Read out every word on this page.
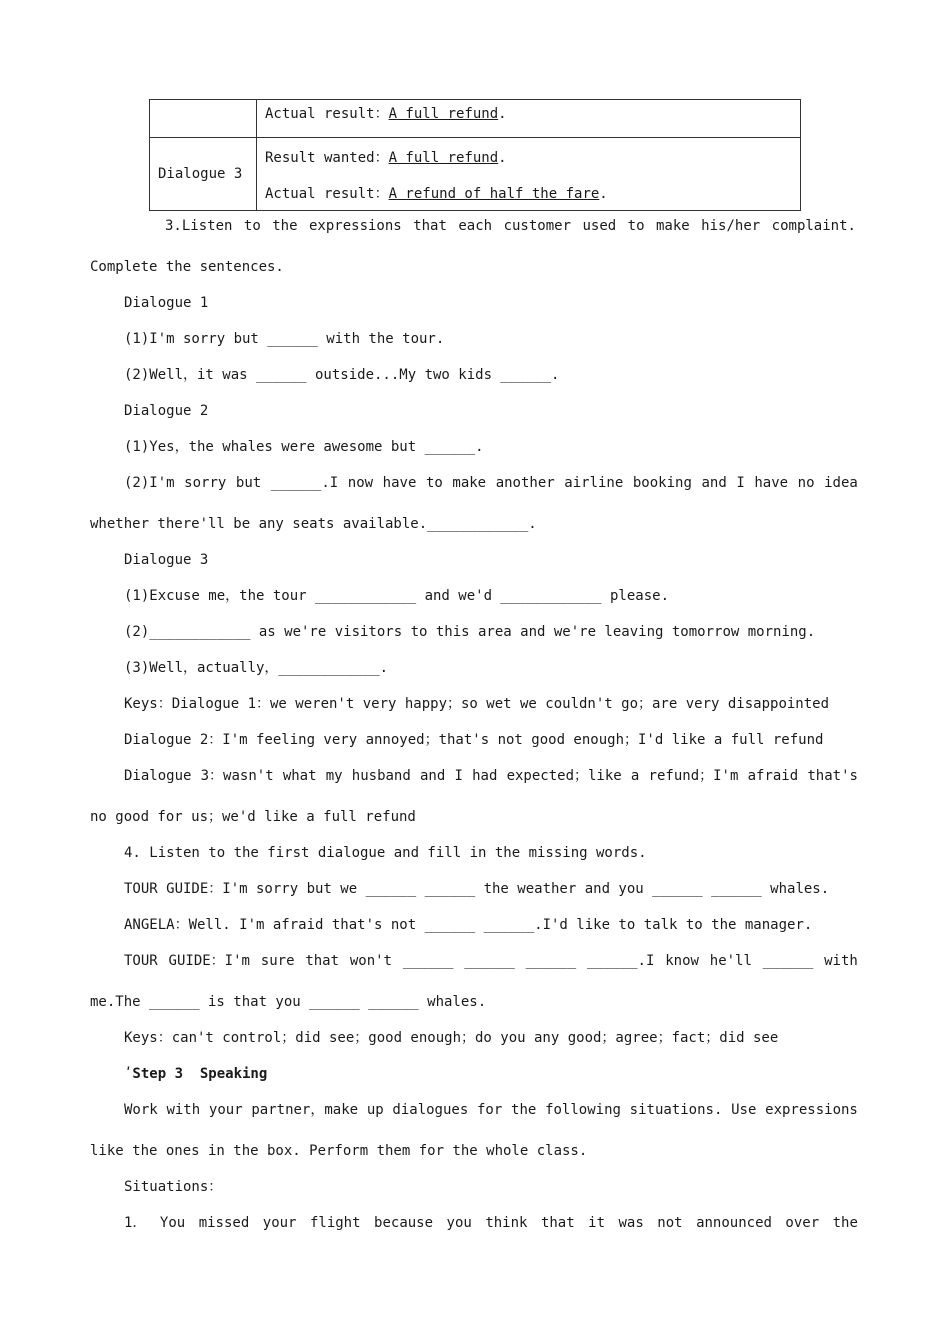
	Actual result：A full refund.

Dialogue 3	Result wanted：A full refund.
Actual result：A refund of half the fare.
3.Listen to the expressions that each customer used to make his/her complaint.
Complete the sentences.
Dialogue 1
(1)I'm sorry but ______ with the tour.
(2)Well，it was ______ outside...My two kids ______.
Dialogue 2
(1)Yes，the whales were awesome but ______.
(2)I'm sorry but ______.I now have to make another airline booking and I have no idea
whether there'll be any seats available.____________.
Dialogue 3
(1)Excuse me，the tour ____________ and we'd ____________ please.
(2)____________ as we're visitors to this area and we're leaving tomorrow morning.
(3)Well，actually，____________.
Keys：Dialogue 1：we weren't very happy；so wet we couldn't go；are very disappointed
Dialogue 2：I'm feeling very annoyed；that's not good enough；I'd like a full refund
Dialogue 3：wasn't what my husband and I had expected；like a refund；I'm afraid that's
no good for us；we'd like a full refund
4. Listen to the first dialogue and fill in the missing words.
TOUR GUIDE：I'm sorry but we ______ ______ the weather and you ______ ______ whales.
ANGELA：Well. I'm afraid that's not ______ ______.I'd like to talk to the manager.
TOUR GUIDE：I'm sure that won't ______ ______ ______ ______.I know he'll ______ with
me.The ______ is that you ______ ______ whales.
Keys：can't control；did see；good enough；do you any good；agree；fact；did see
ʹStep 3  Speaking
Work with your partner，make up dialogues for the following situations. Use expressions
like the ones in the box. Perform them for the whole class.
Situations：
1． You missed your flight because you think that it was not announced over the
